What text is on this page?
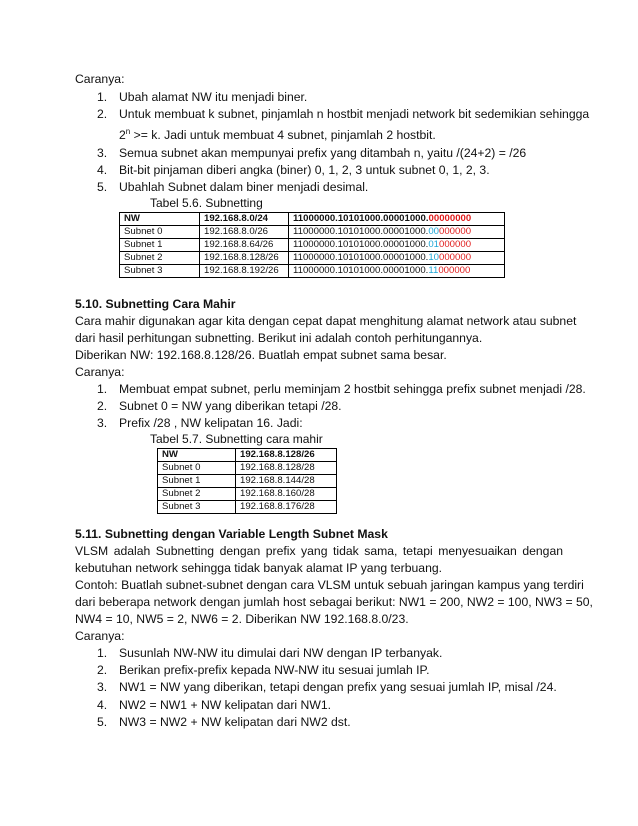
Caranya:
1. Ubah alamat NW itu menjadi biner.
2. Untuk membuat k subnet, pinjamlah n hostbit menjadi network bit sedemikian sehingga
$2^n >= k$. Jadi untuk membuat 4 subnet, pinjamlah 2 hostbit.
3. Semua subnet akan mempunyai prefix yang ditambah n, yaitu /(24+2) = /26
4. Bit-bit pinjaman diberi angka (biner) 0, 1, 2, 3 untuk subnet 0, 1, 2, 3.
5. Ubahlah Subnet dalam biner menjadi desimal.
Tabel 5.6. Subnetting
NW	192.168.8.0/24	11000000.10101000.00001000.00000000
Subnet 0	192.168.8.0/26	11000000.10101000.00001000.00000000
Subnet 1	192.168.8.64/26	11000000.10101000.00001000.01000000
Subnet 2	192.168.8.128/26	11000000.10101000.00001000.10000000
Subnet 3	192.168.8.192/26	11000000.10101000.00001000.11000000
5.10. Subnetting Cara Mahir
Cara mahir digunakan agar kita dengan cepat dapat menghitung alamat network atau subnet
dari hasil perhitungan subnetting. Berikut ini adalah contoh perhitungannya.
Diberikan NW: 192.168.8.128/26. Buatlah empat subnet sama besar.
Caranya:
1. Membuat empat subnet, perlu meminjam 2 hostbit sehingga prefix subnet menjadi /28.
2. Subnet 0 = NW yang diberikan tetapi /28.
3. Prefix /28 , NW kelipatan 16. Jadi:
Tabel 5.7. Subnetting cara mahir
NW	192.168.8.128/26
Subnet 0	192.168.8.128/28
Subnet 1	192.168.8.144/28
Subnet 2	192.168.8.160/28
Subnet 3	192.168.8.176/28
5.11. Subnetting dengan Variable Length Subnet Mask
VLSM adalah Subnetting dengan prefix yang tidak sama, tetapi menyesuaikan dengan
kebutuhan network sehingga tidak banyak alamat IP yang terbuang.
Contoh: Buatlah subnet-subnet dengan cara VLSM untuk sebuah jaringan kampus yang terdiri
dari beberapa network dengan jumlah host sebagai berikut: NW1 = 200, NW2 = 100, NW3 = 50,
NW4 = 10, NW5 = 2, NW6 = 2. Diberikan NW 192.168.8.0/23.
Caranya:
1. Susunlah NW-NW itu dimulai dari NW dengan IP terbanyak.
2. Berikan prefix-prefix kepada NW-NW itu sesuai jumlah IP.
3. NW1 = NW yang diberikan, tetapi dengan prefix yang sesuai jumlah IP, misal /24.
4. NW2 = NW1 + NW kelipatan dari NW1.
5. NW3 = NW2 + NW kelipatan dari NW2 dst.
